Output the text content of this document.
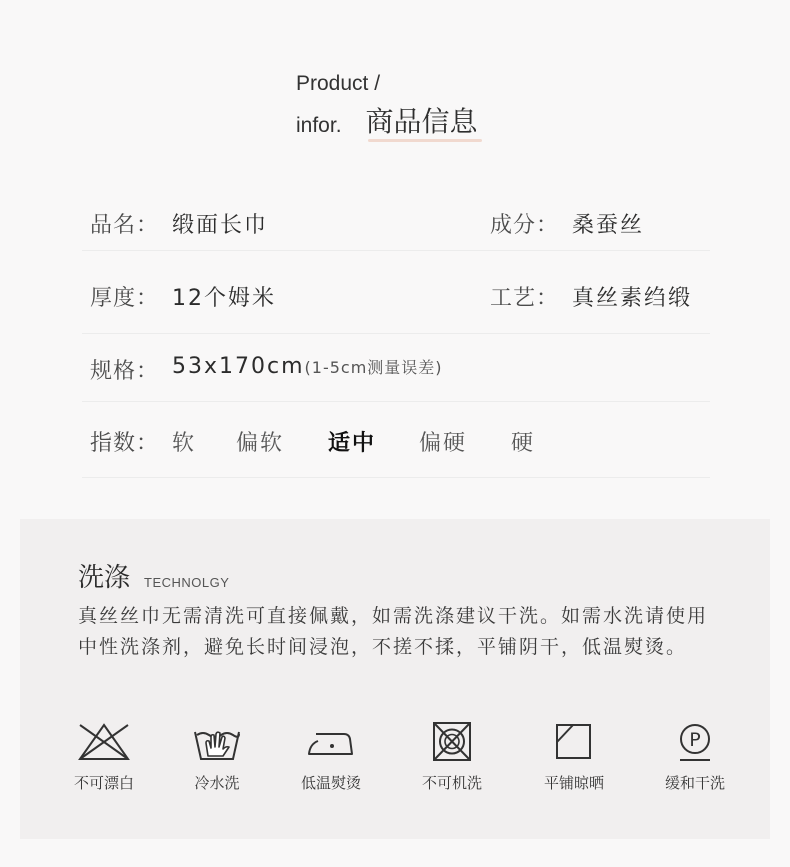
Product /
infor. 商品信息
品名： 缎面长巾	成分： 桑蚕丝
厚度： 12个姆米	工艺： 真丝素绉缎
规格： 53x170cm(1-5cm测量误差)
指数： 软 偏软 适中 偏硬 硬
洗涤 TECHNOLGY
真丝丝巾无需清洗可直接佩戴，如需洗涤建议干洗。如需水洗请使用中性洗涤剂，避免长时间浸泡，不搓不揉，平铺阴干，低温熨烫。
不可漂白	冷水洗	低温熨烫	不可机洗	平铺晾晒
P
缓和干洗
